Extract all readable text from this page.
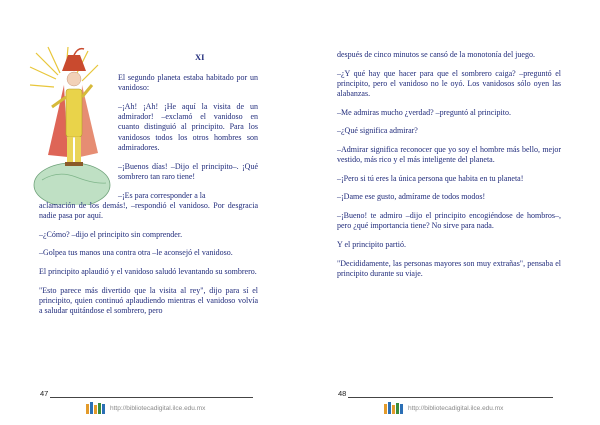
XI

El segundo planeta estaba habitado por un vanidoso:

–¡Ah! ¡Ah! ¡He aquí la visita de un admirador! –exclamó el vanidoso en cuanto distinguió al principito. Para los vanidosos todos los otros hombres son admiradores.

–¡Buenos días! –Dijo el principito–. ¡Qué sombrero tan raro tiene!

–¡Es para corresponder a la

aclamación de los demás!, –respondió el vanidoso. Por desgracia nadie pasa por aquí.

–¿Cómo? –dijo el principito sin comprender.

–Golpea tus manos una contra otra –le aconsejó el vanidoso.

El principito aplaudió y el vanidoso saludó levantando su sombrero.

"Esto parece más divertido que la visita al rey", dijo para sí el principito, quien continuó aplaudiendo mientras el vanidoso volvía a saludar quitándose el sombrero, pero

47
http://bibliotecadigital.ilce.edu.mx

después de cinco minutos se cansó de la monotonía del juego.

–¿Y qué hay que hacer para que el sombrero caiga? –preguntó el principito, pero el vanidoso no le oyó. Los vanidosos sólo oyen las alabanzas.

–Me admiras mucho ¿verdad? –preguntó al principito.

–¿Qué significa admirar?

–Admirar significa reconocer que yo soy el hombre más bello, mejor vestido, más rico y el más inteligente del planeta.

–¡Pero si tú eres la única persona que habita en tu planeta!

–¡Dame ese gusto, admírame de todos modos!

–¡Bueno! te admiro –dijo el principito encogiéndose de hombros–, pero ¿qué importancia tiene? No sirve para nada.

Y el principito partió.

"Decididamente, las personas mayores son muy extrañas", pensaba el principito durante su viaje.

48
http://bibliotecadigital.ilce.edu.mx
